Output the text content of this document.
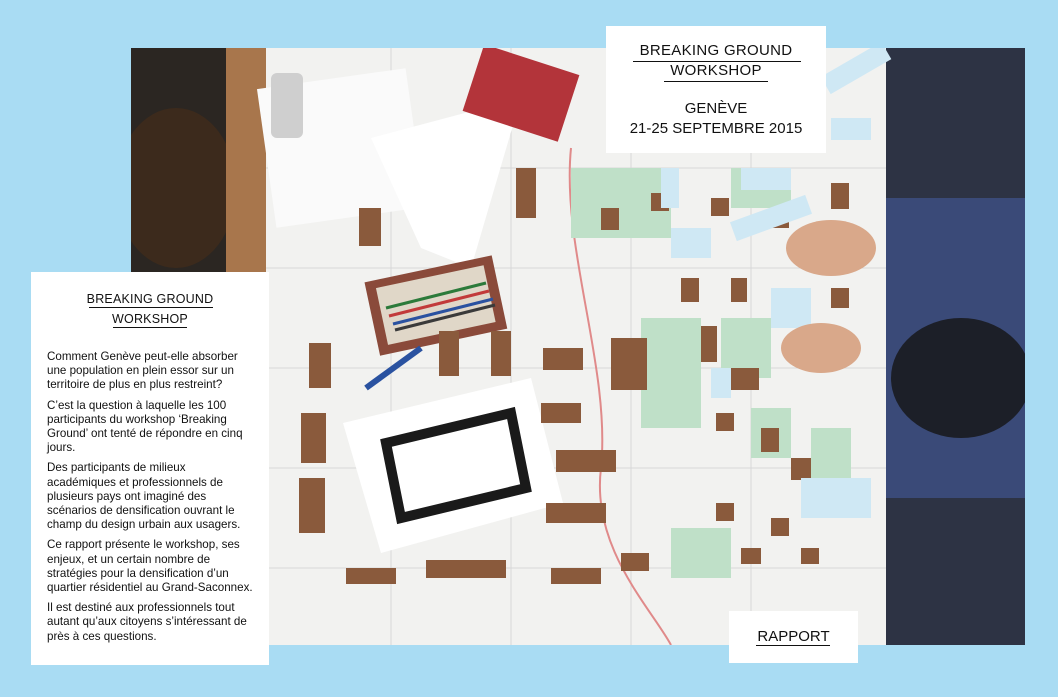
BREAKING GROUND
WORKSHOP
GENÈVE
21-25 SEPTEMBRE 2015
BREAKING GROUND
WORKSHOP

Comment Genève peut-elle absorber une population en plein essor sur un territoire de plus en plus restreint?

C’est la question à laquelle les 100 participants du workshop ‘Breaking Ground’ ont tenté de répondre en cinq jours.

Des participants de milieux académiques et professionnels de plusieurs pays ont imaginé des scénarios de densification ouvrant le champ du design urbain aux usagers.

Ce rapport présente le workshop, ses enjeux, et un certain nombre de stratégies pour la densification d’un quartier résidentiel au Grand-Saconnex.

Il est destiné aux professionnels tout autant qu’aux citoyens s’intéressant de près à ces questions.	RAPPORT
